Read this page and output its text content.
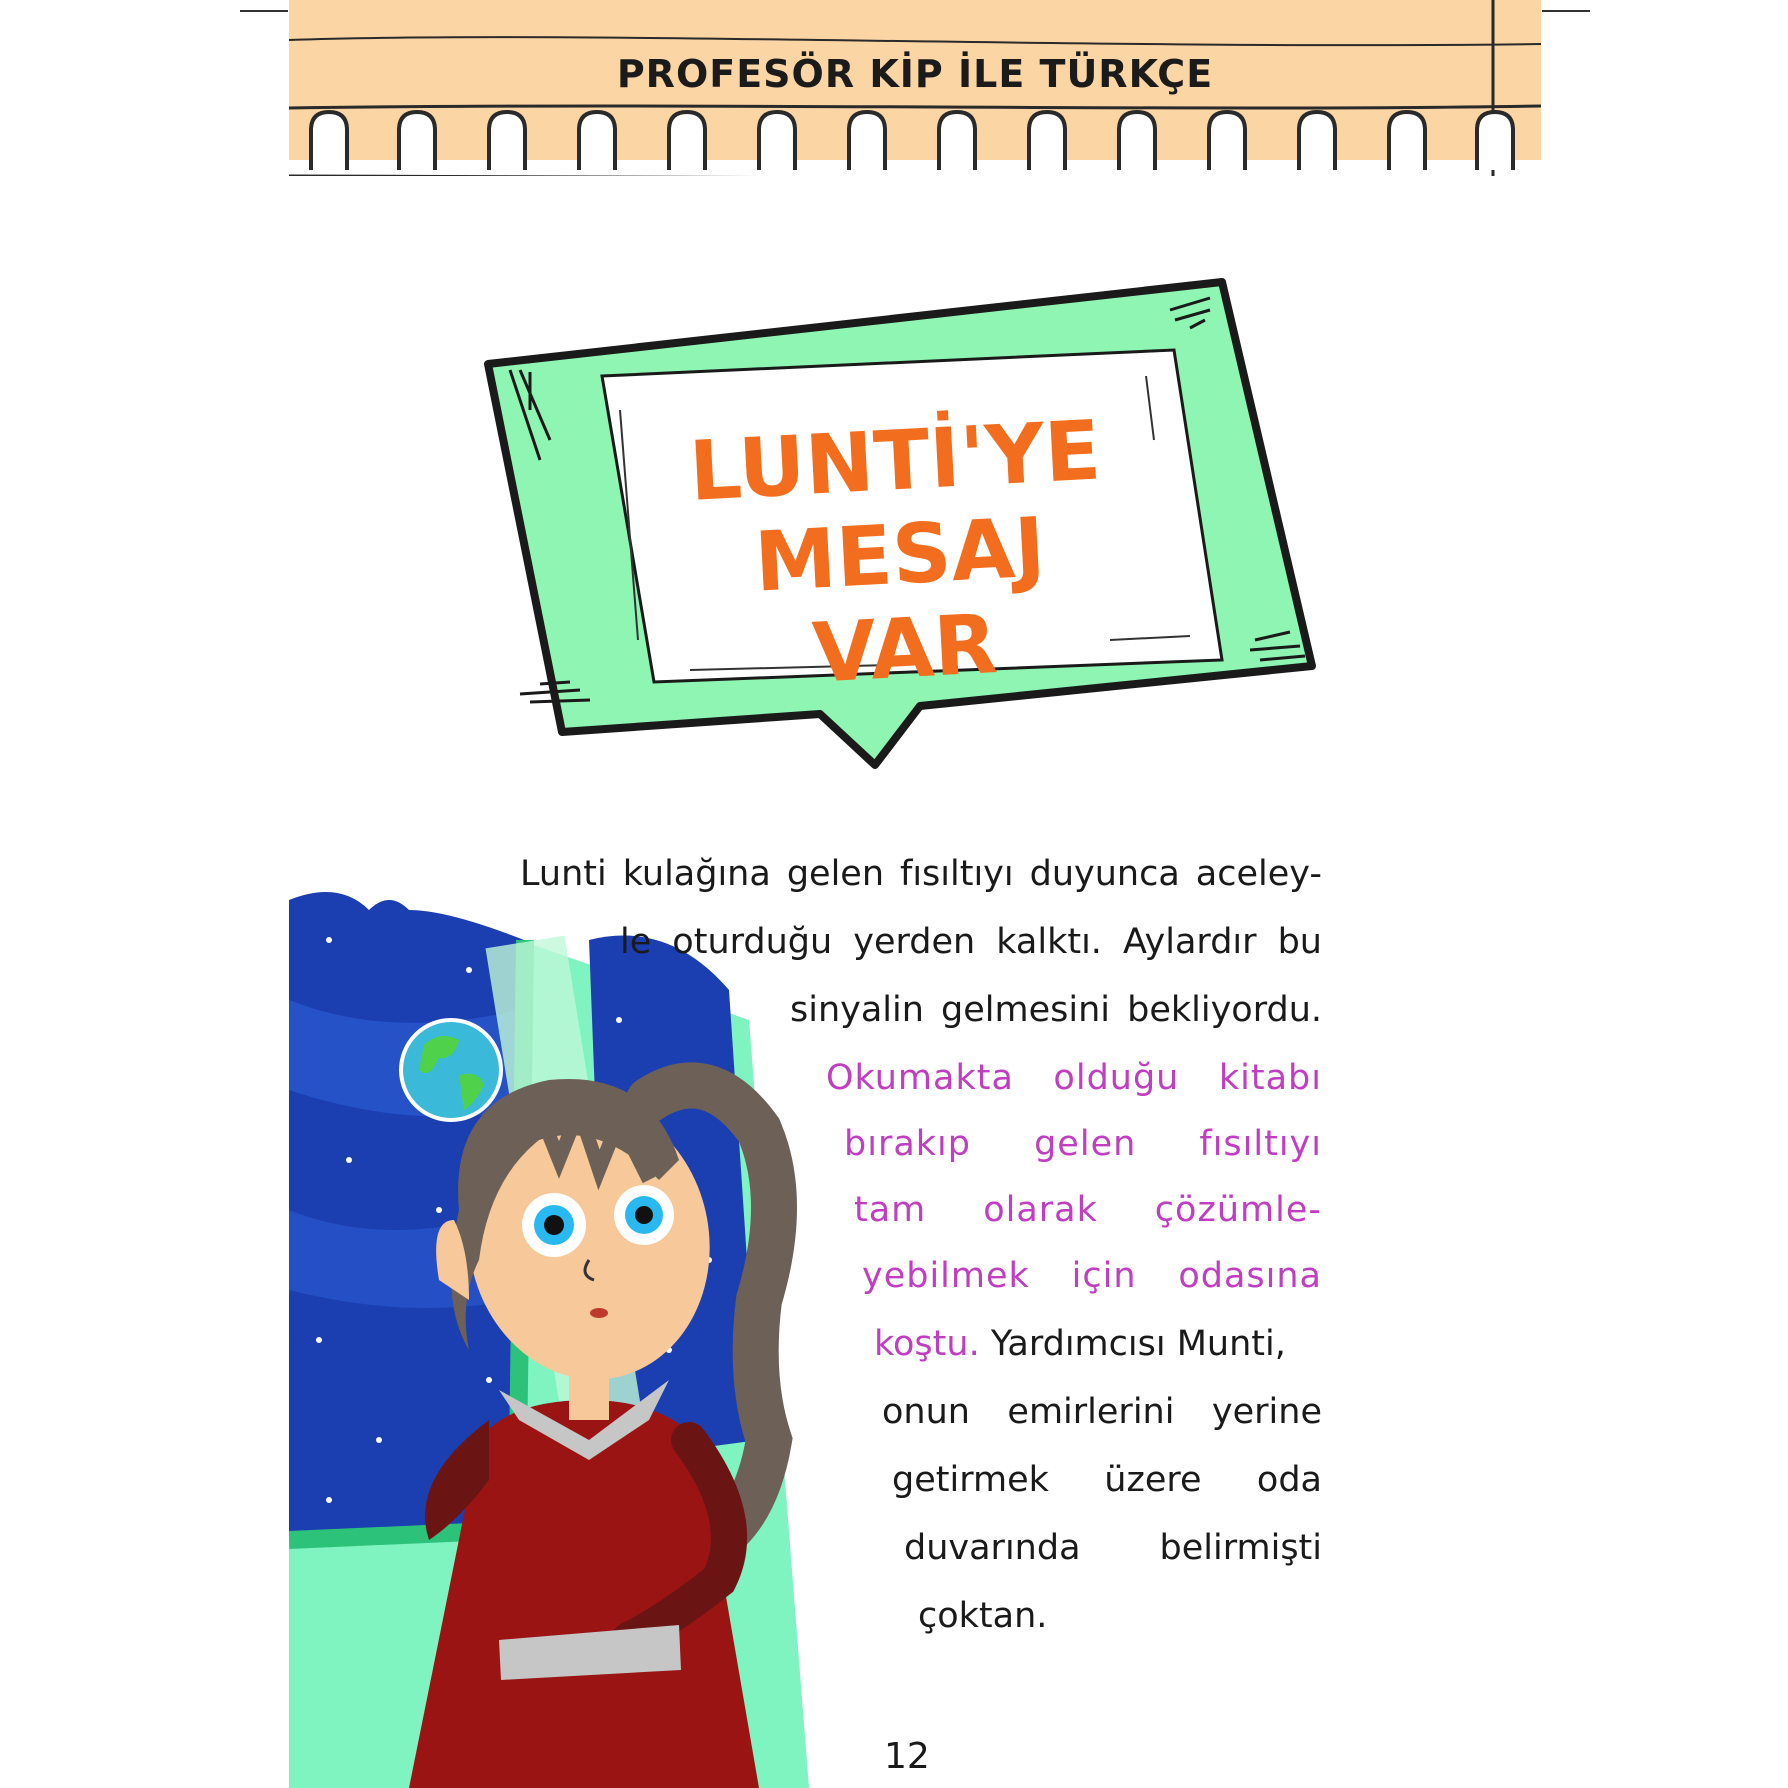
PROFESÖR KİP İLE TÜRKÇE
LUNTİ'YE
MESAJ VAR
Lunti kulağına gelen fısıltıyı duyunca aceley-
le oturduğu yerden kalktı. Aylardır bu
sinyalin gelmesini bekliyordu.
Okumakta olduğu kitabı
bırakıp gelen fısıltıyı
tam olarak çözümle-
yebilmek için odasına
koştu. Yardımcısı Munti,
onun emirlerini yerine
getirmek üzere oda
duvarında belirmişti
çoktan.
12
